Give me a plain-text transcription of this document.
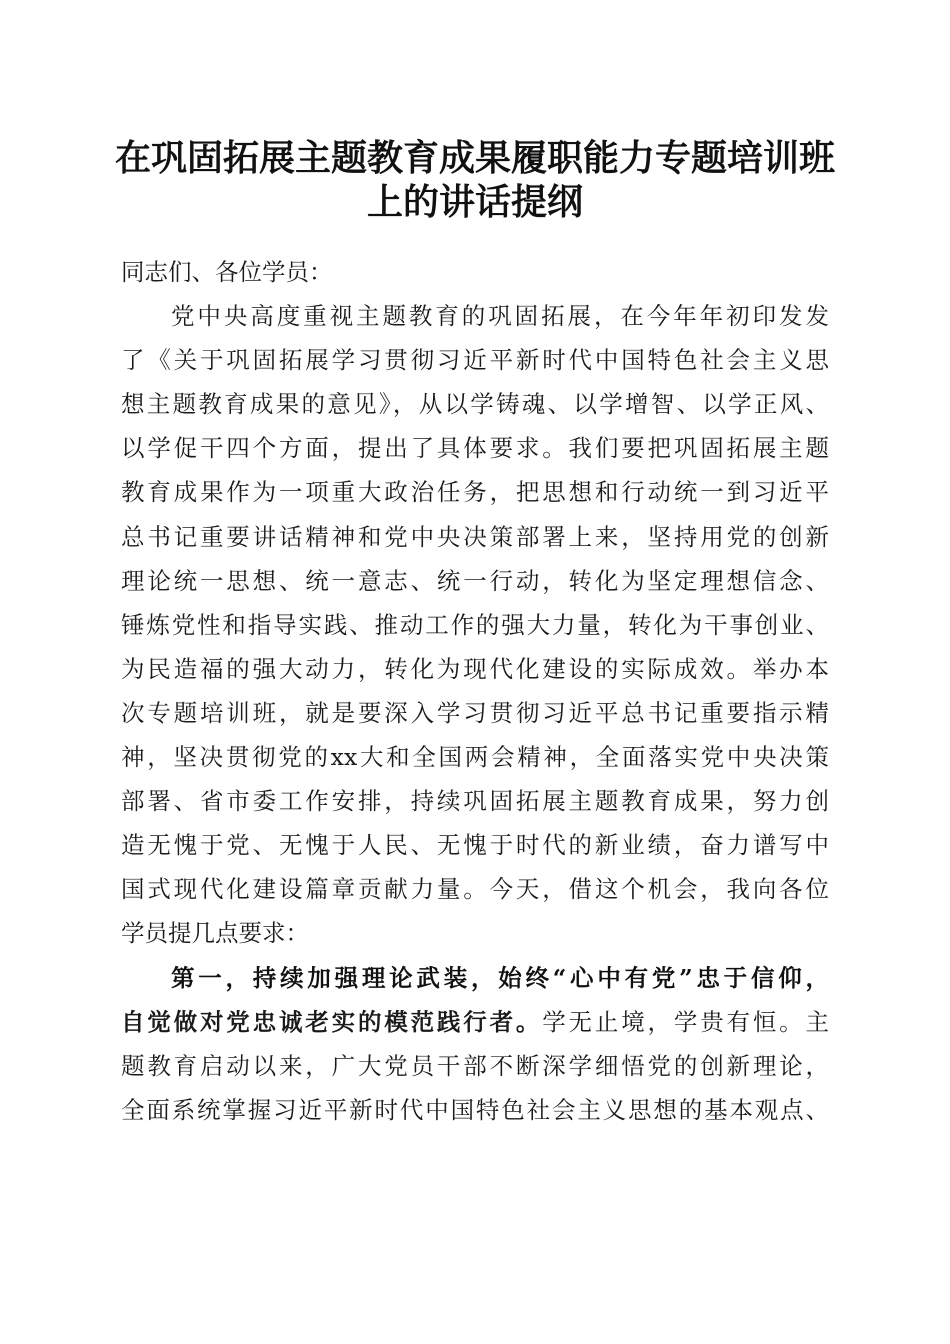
在巩固拓展主题教育成果履职能力专题培训班
上的讲话提纲
同志们、各位学员：
党中央高度重视主题教育的巩固拓展，在今年年初印发发
了《关于巩固拓展学习贯彻习近平新时代中国特色社会主义思
想主题教育成果的意见》，从以学铸魂、以学增智、以学正风、
以学促干四个方面，提出了具体要求。我们要把巩固拓展主题
教育成果作为一项重大政治任务，把思想和行动统一到习近平
总书记重要讲话精神和党中央决策部署上来，坚持用党的创新
理论统一思想、统一意志、统一行动，转化为坚定理想信念、
锤炼党性和指导实践、推动工作的强大力量，转化为干事创业、
为民造福的强大动力，转化为现代化建设的实际成效。举办本
次专题培训班，就是要深入学习贯彻习近平总书记重要指示精
神，坚决贯彻党的xx大和全国两会精神，全面落实党中央决策
部署、省市委工作安排，持续巩固拓展主题教育成果，努力创
造无愧于党、无愧于人民、无愧于时代的新业绩，奋力谱写中
国式现代化建设篇章贡献力量。今天，借这个机会，我向各位
学员提几点要求：
第一，持续加强理论武装，始终“心中有党”忠于信仰，
自觉做对党忠诚老实的模范践行者。学无止境，学贵有恒。主
题教育启动以来，广大党员干部不断深学细悟党的创新理论，
全面系统掌握习近平新时代中国特色社会主义思想的基本观点、
